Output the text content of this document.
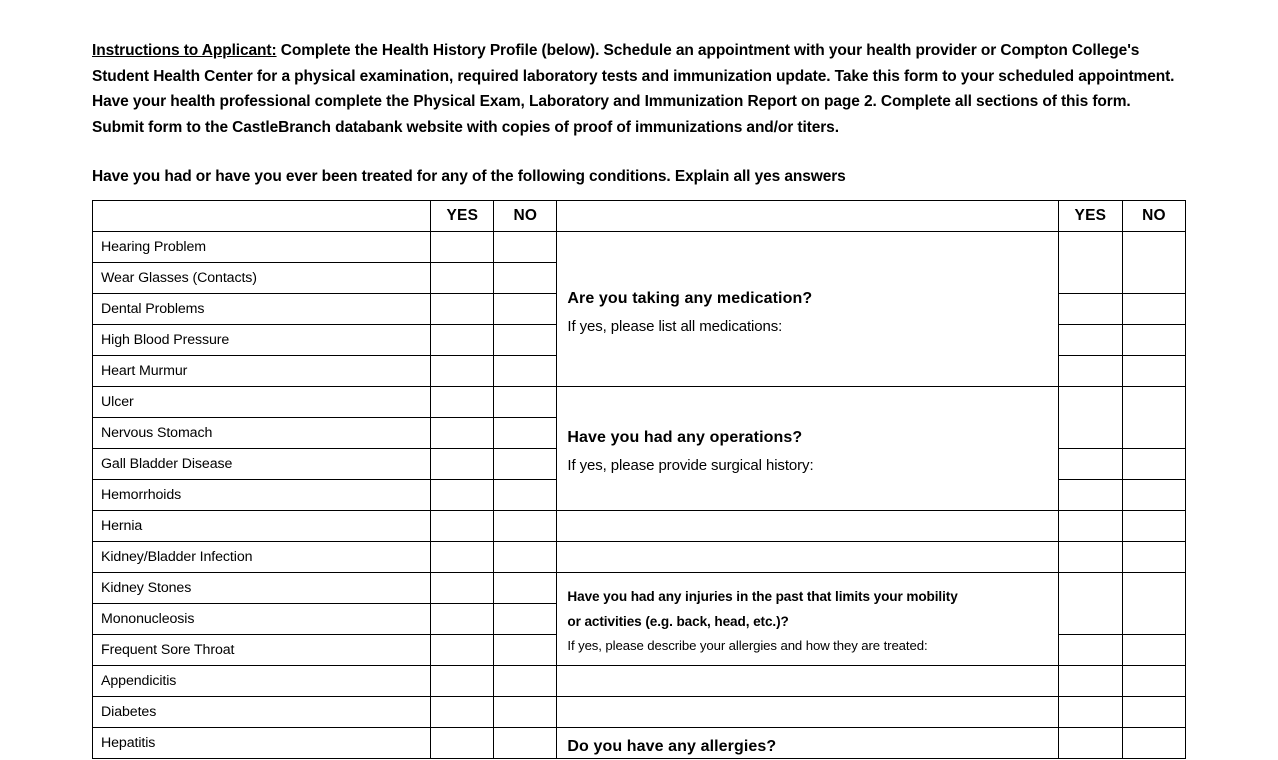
Instructions to Applicant: Complete the Health History Profile (below). Schedule an appointment with your health provider or Compton College's Student Health Center for a physical examination, required laboratory tests and immunization update. Take this form to your scheduled appointment. Have your health professional complete the Physical Exam, Laboratory and Immunization Report on page 2. Complete all sections of this form. Submit form to the CastleBranch databank website with copies of proof of immunizations and/or titers.
Have you had or have you ever been treated for any of the following conditions. Explain all yes answers
	YES	NO		YES	NO
Hearing Problem			Are you taking any medication?
If yes, please list all medications:		

Wear Glasses (Contacts)					
Dental Problems					
High Blood Pressure					
Heart Murmur					
Ulcer			Have you had any operations?
If yes, please provide surgical history:		

Nervous Stomach					
Gall Bladder Disease					
Hemorrhoids					
Hernia					
Kidney/Bladder Infection					
Kidney Stones			Have you had any injuries in the past that limits your mobility
or activities (e.g. back, head, etc.)?
If yes, please describe your allergies and how they are treated:		

Mononucleosis					
Frequent Sore Throat					
Appendicitis					
Diabetes					
Hepatitis			Do you have any allergies?		
